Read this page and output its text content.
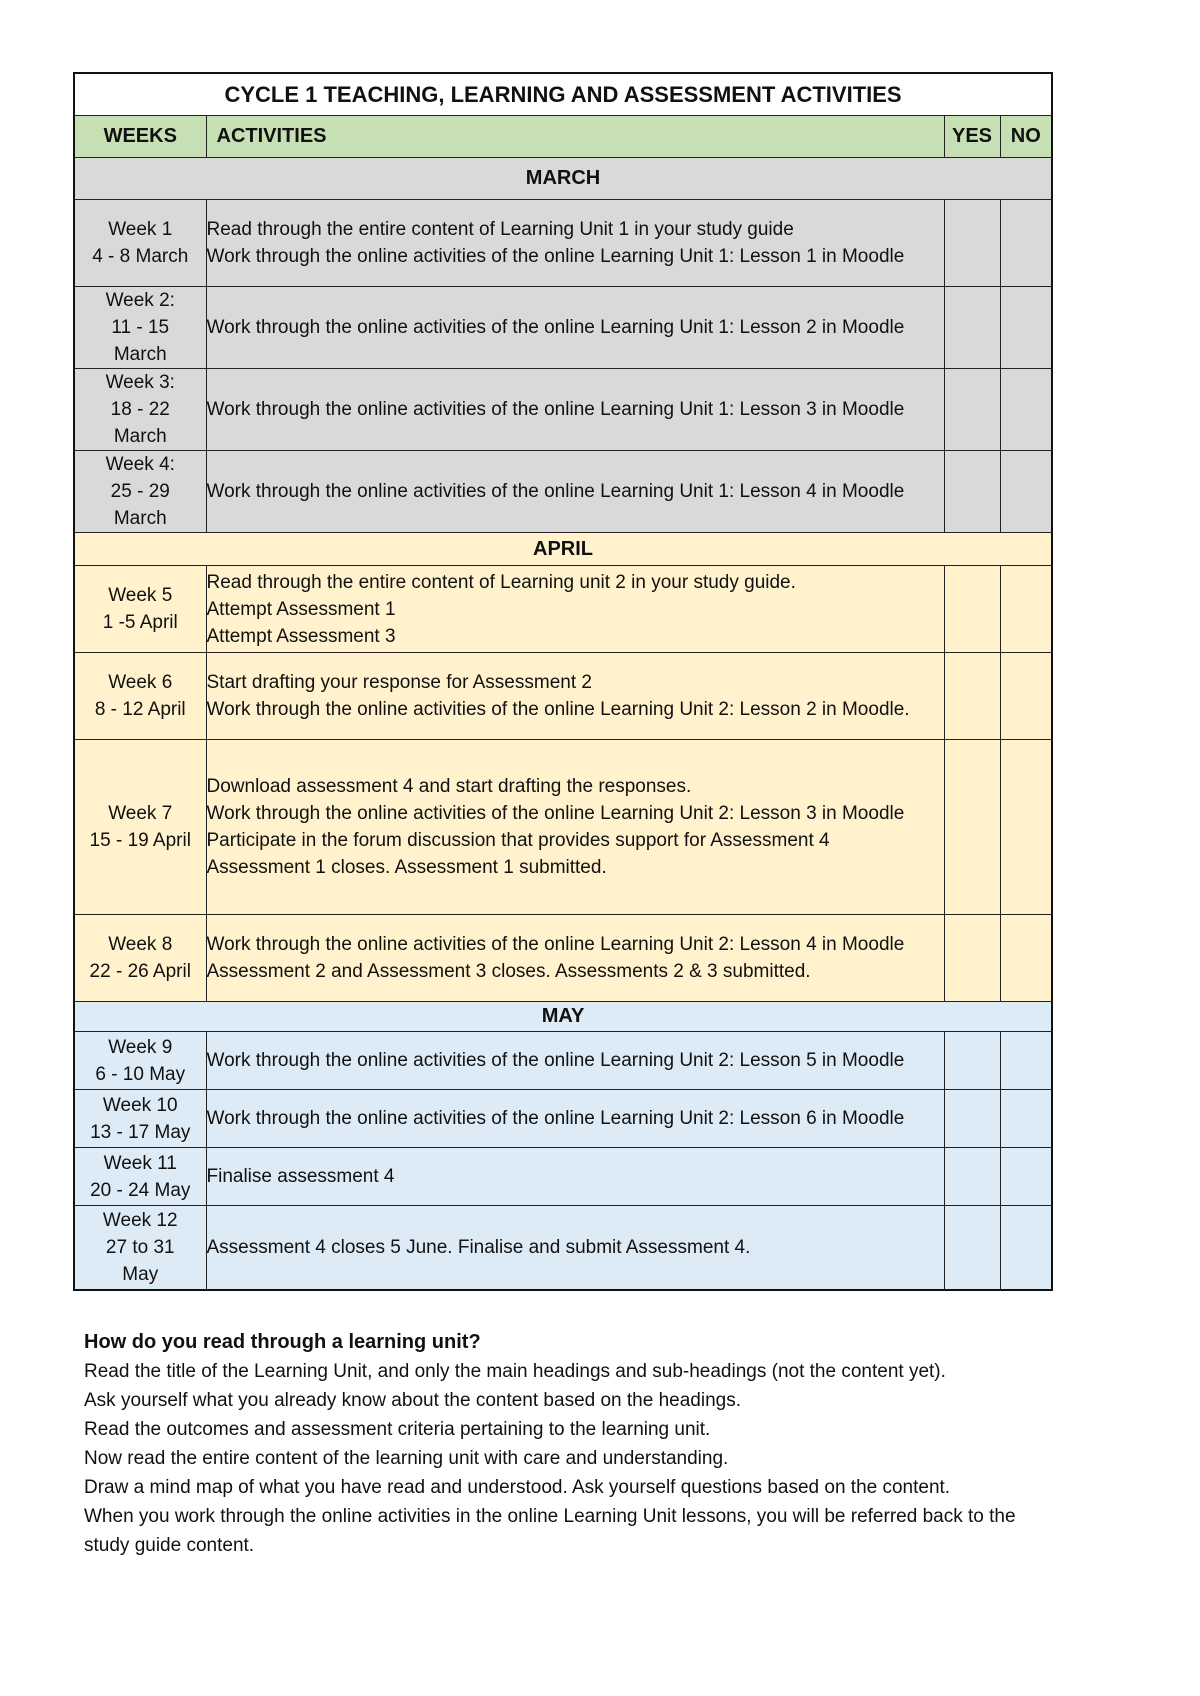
CYCLE 1 TEACHING, LEARNING AND ASSESSMENT ACTIVITIES			
WEEKS	ACTIVITIES	YES	NO
MARCH			
Week 1
4 - 8 March	Read through the entire content of Learning Unit 1 in your study guide
Work through the online activities of the online Learning Unit 1: Lesson 1 in Moodle		

Week 2:
11 - 15
March	Work through the online activities of the online Learning Unit 1: Lesson 2 in Moodle		

Week 3:
18 - 22
March	Work through the online activities of the online Learning Unit 1: Lesson 3 in Moodle		

Week 4:
25 - 29
March	Work through the online activities of the online Learning Unit 1: Lesson 4 in Moodle		

APRIL			
Week 5
1 -5 April	Read through the entire content of Learning unit 2 in your study guide.
Attempt Assessment 1
Attempt Assessment 3		

Week 6
8 - 12 April	Start drafting your response for Assessment 2
Work through the online activities of the online Learning Unit 2: Lesson 2 in Moodle.		

Week 7
15 - 19 April	Download assessment 4 and start drafting the responses.
Work through the online activities of the online Learning Unit 2: Lesson 3 in Moodle
Participate in the forum discussion that provides support for Assessment 4
Assessment 1 closes. Assessment 1 submitted.		

Week 8
22 - 26 April	Work through the online activities of the online Learning Unit 2: Lesson 4 in Moodle
Assessment 2 and Assessment 3 closes. Assessments 2 & 3 submitted.		

MAY			
Week 9
6 - 10 May	Work through the online activities of the online Learning Unit 2: Lesson 5 in Moodle		

Week 10
13 - 17 May	Work through the online activities of the online Learning Unit 2: Lesson 6 in Moodle		

Week 11
20 - 24 May	Finalise assessment 4		

Week 12
27 to 31
May	Assessment 4 closes 5 June. Finalise and submit Assessment 4.		

How do you read through a learning unit?
Read the title of the Learning Unit, and only the main headings and sub-headings (not the content yet).
Ask yourself what you already know about the content based on the headings.
Read the outcomes and assessment criteria pertaining to the learning unit.
Now read the entire content of the learning unit with care and understanding.
Draw a mind map of what you have read and understood. Ask yourself questions based on the content.
When you work through the online activities in the online Learning Unit lessons, you will be referred back to the study guide content.
